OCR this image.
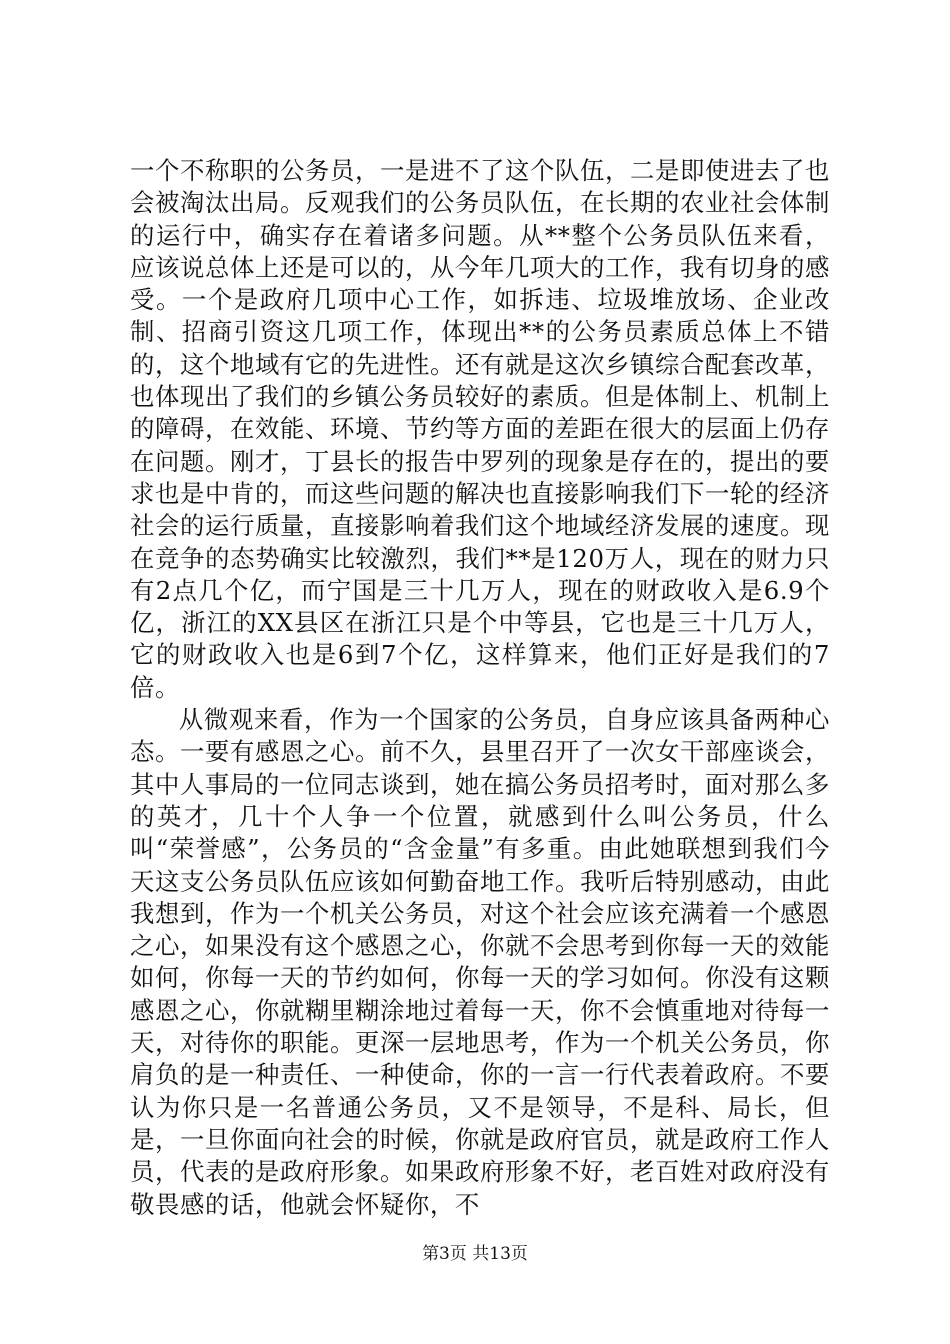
一个不称职的公务员，一是进不了这个队伍，二是即使进去了也会被淘汰出局。反观我们的公务员队伍，在长期的农业社会体制的运行中，确实存在着诸多问题。从**整个公务员队伍来看，应该说总体上还是可以的，从今年几项大的工作，我有切身的感受。一个是政府几项中心工作，如拆违、垃圾堆放场、企业改制、招商引资这几项工作，体现出**的公务员素质总体上不错的，这个地域有它的先进性。还有就是这次乡镇综合配套改革，也体现出了我们的乡镇公务员较好的素质。但是体制上、机制上的障碍，在效能、环境、节约等方面的差距在很大的层面上仍存在问题。刚才，丁县长的报告中罗列的现象是存在的，提出的要求也是中肯的，而这些问题的解决也直接影响我们下一轮的经济社会的运行质量，直接影响着我们这个地域经济发展的速度。现在竞争的态势确实比较激烈，我们**是120万人，现在的财力只有2点几个亿，而宁国是三十几万人，现在的财政收入是6.9个亿，浙江的XX县区在浙江只是个中等县，它也是三十几万人，它的财政收入也是6到7个亿，这样算来，他们正好是我们的7倍。

从微观来看，作为一个国家的公务员，自身应该具备两种心态。一要有感恩之心。前不久，县里召开了一次女干部座谈会，其中人事局的一位同志谈到，她在搞公务员招考时，面对那么多的英才，几十个人争一个位置，就感到什么叫公务员，什么叫“荣誉感”，公务员的“含金量”有多重。由此她联想到我们今天这支公务员队伍应该如何勤奋地工作。我听后特别感动，由此我想到，作为一个机关公务员，对这个社会应该充满着一个感恩之心，如果没有这个感恩之心，你就不会思考到你每一天的效能如何，你每一天的节约如何，你每一天的学习如何。你没有这颗感恩之心，你就糊里糊涂地过着每一天，你不会慎重地对待每一天，对待你的职能。更深一层地思考，作为一个机关公务员，你肩负的是一种责任、一种使命，你的一言一行代表着政府。不要认为你只是一名普通公务员，又不是领导，不是科、局长，但是，一旦你面向社会的时候，你就是政府官员，就是政府工作人员，代表的是政府形象。如果政府形象不好，老百姓对政府没有敬畏感的话，他就会怀疑你，不

第3页 共13页
